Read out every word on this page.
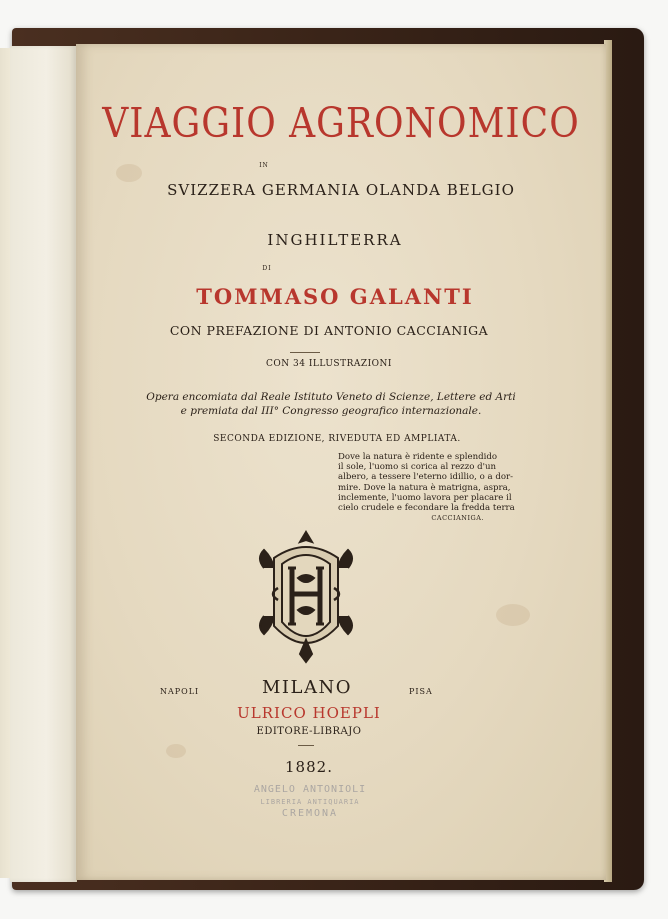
VIAGGIO AGRONOMICO
IN
SVIZZERA GERMANIA OLANDA BELGIO
INGHILTERRA
DI
TOMMASO GALANTI
CON PREFAZIONE DI ANTONIO CACCIANIGA
CON 34 ILLUSTRAZIONI
Opera encomiata dal Reale Istituto Veneto di Scienze, Lettere ed Arti
e premiata dal III° Congresso geografico internazionale.
SECONDA EDIZIONE, RIVEDUTA ED AMPLIATA.
Dove la natura è ridente e splendido
il sole, l'uomo si corica al rezzo d'un
albero, a tessere l'eterno idillio, o a dor-
mire. Dove la natura è matrigna, aspra,
inclemente, l'uomo lavora per placare il
cielo crudele e fecondare la fredda terra
CACCIANIGA.
NAPOLI	MILANO	PISA
ULRICO HOEPLI
EDITORE-LIBRAJO
1882.
ANGELO ANTONIOLI
LIBRERIA ANTIQUARIA
CREMONA
